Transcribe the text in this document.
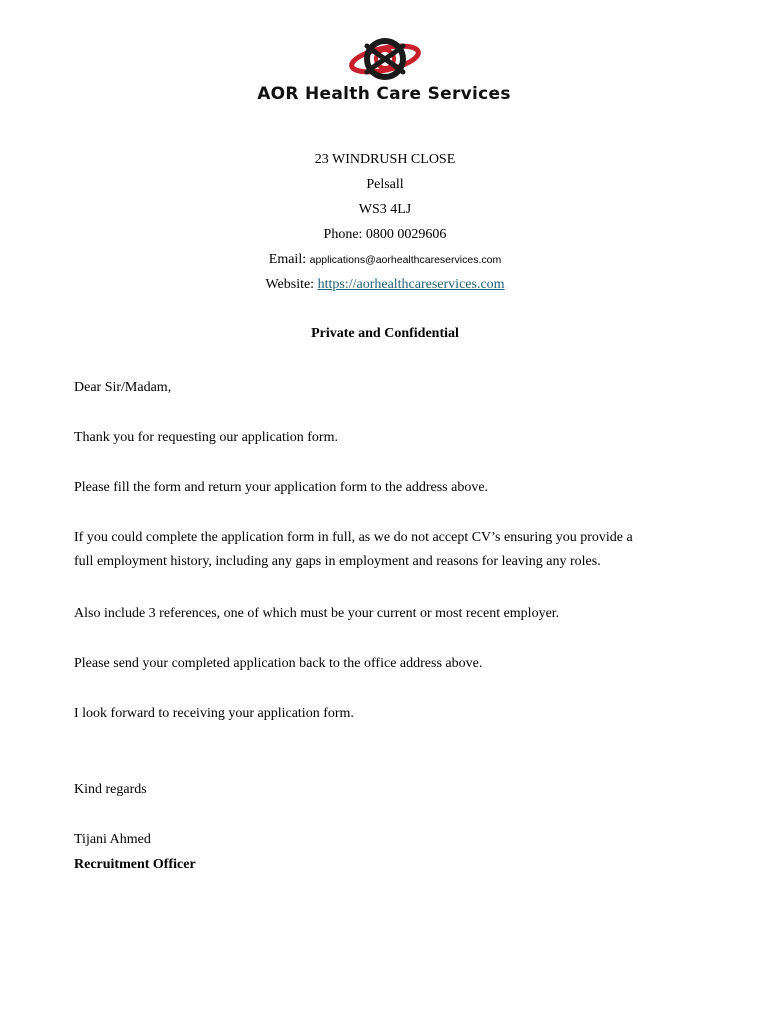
AOR Health Care Services
23 WINDRUSH CLOSE
Pelsall
WS3 4LJ
Phone: 0800 0029606
Email: applications@aorhealthcareservices.com
Website: https://aorhealthcareservices.com
Private and Confidential
Dear Sir/Madam,
Thank you for requesting our application form.
Please fill the form and return your application form to the address above.
If you could complete the application form in full, as we do not accept CV’s ensuring you provide a
full employment history, including any gaps in employment and reasons for leaving any roles.
Also include 3 references, one of which must be your current or most recent employer.
Please send your completed application back to the office address above.
I look forward to receiving your application form.
Kind regards
Tijani Ahmed
Recruitment Officer
